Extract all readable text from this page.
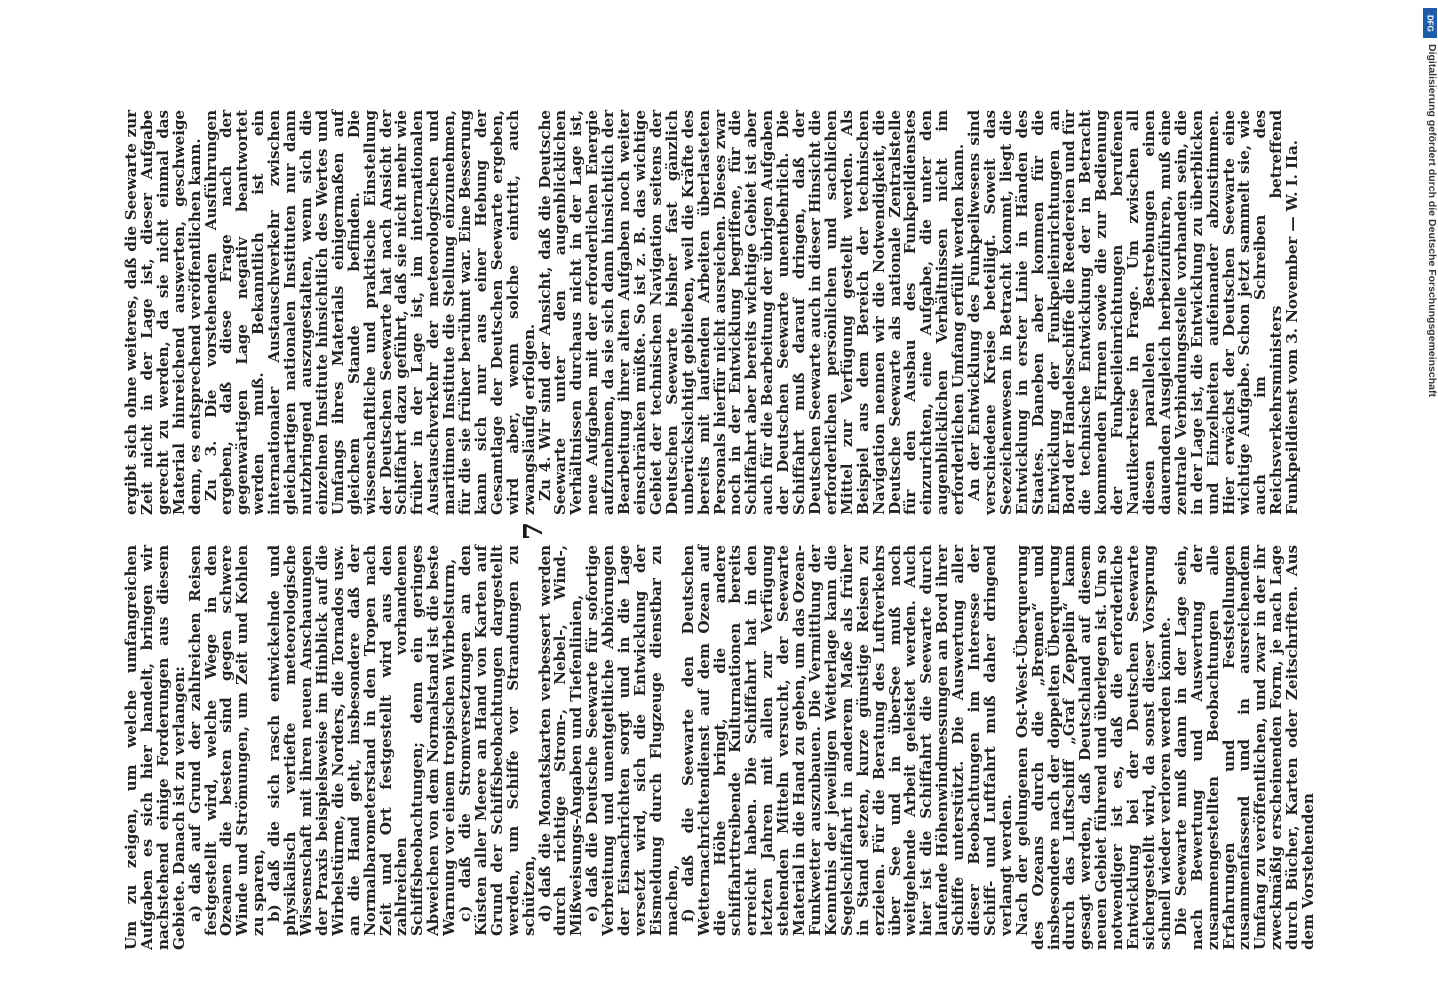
Um zu zeigen, um welche umfangreichen Aufgaben es sich hier handelt, bringen wir nachstehend einige Forderungen aus diesem Gebiete. Danach ist zu verlangen:

a) daß auf Grund der zahlreichen Reisen festgestellt wird, welche Wege in den Ozeanen die besten sind gegen schwere Winde und Strömungen, um Zeit und Kohlen zu sparen,

b) daß die sich rasch entwickelnde und physikalisch vertiefte meteorologische Wissenschaft mit ihren neuen Anschauungen der Praxis beispielsweise im Hinblick auf die Wirbelstürme, die Norders, die Tornados usw. an die Hand geht, insbesondere daß der Normalbarometerstand in den Tropen nach Zeit und Ort festgestellt wird aus den zahlreichen vorhandenen Schiffsbeobachtungen; denn ein geringes Abweichen von dem Normalstand ist die beste Warnung vor einem tropischen Wirbelsturm,

c) daß die Stromversetzungen an den Küsten aller Meere an Hand von Karten auf Grund der Schiffsbeobachtungen dargestellt werden, um Schiffe vor Strandungen zu schützen,

d) daß die Monatskarten verbessert werden durch richtige Strom-, Nebel-, Wind-, Mißweisungs-Angaben und Tiefenlinien,

e) daß die Deutsche Seewarte für sofortige Verbreitung und unentgeltliche Abhörungen der Eisnachrichten sorgt und in die Lage versetzt wird, sich die Entwicklung der Eismeldung durch Flugzeuge dienstbar zu machen,

f) daß die Seewarte den Deutschen Wetternachrichtendienst auf dem Ozean auf die Höhe bringt, die andere schiffahrttreibende Kulturnationen bereits erreicht haben. Die Schiffahrt hat in den letzten Jahren mit allen zur Verfügung stehenden Mitteln versucht, der Seewarte Material in die Hand zu geben, um das Ozean-Funkwetter auszubauen. Die Vermittlung der Kenntnis der jeweiligen Wetterlage kann die Segelschiffahrt in anderem Maße als früher in Stand setzen, kurze günstige Reisen zu erzielen. Für die Beratung des Luftverkehrs über See und in überSee muß noch weitgehende Arbeit geleistet werden. Auch hier ist die Schiffahrt die Seewarte durch laufende Höhenwindmessungen an Bord ihrer Schiffe unterstützt. Die Auswertung aller dieser Beobachtungen im Interesse der Schiff- und Luftfahrt muß daher dringend verlangt werden.

Nach der gelungenen Ost-West-Überquerung des Ozeans durch die „Bremen“ und insbesondere nach der doppelten Überquerung durch das Luftschiff „Graf Zeppelin“ kann gesagt werden, daß Deutschland auf diesem neuen Gebiet führend und überlegen ist. Um so notwendiger ist es, daß die erforderliche Entwicklung bei der Deutschen Seewarte sichergestellt wird, da sonst dieser Vorsprung schnell wieder verloren werden könnte.

Die Seewarte muß dann in der Lage sein, nach Bewertung und Auswertung der zusammengestellten Beobachtungen alle Erfahrungen und Feststellungen zusammenfassend und in ausreichendem Umfang zu veröffentlichen, und zwar in der ihr zweckmäßig erscheinenden Form, je nach Lage durch Bücher, Karten oder Zeitschriften. Aus dem Vorstehenden

7

ergibt sich ohne weiteres, daß die Seewarte zur Zeit nicht in der Lage ist, dieser Aufgabe gerecht zu werden, da sie nicht einmal das Material hinreichend auswerten, geschweige denn, es entsprechend veröffentlichen kann.

Zu 3. Die vorstehenden Ausführungen ergeben, daß diese Frage nach der gegenwärtigen Lage negativ beantwortet werden muß. Bekanntlich ist ein internationaler Austauschverkehr zwischen gleichartigen nationalen Instituten nur dann nutzbringend auszugestalten, wenn sich die einzelnen Institute hinsichtlich des Wertes und Umfangs ihres Materials einigermaßen auf gleichem Stande befinden. Die wissenschaftliche und praktische Einstellung der Deutschen Seewarte hat nach Ansicht der Schiffahrt dazu geführt, daß sie nicht mehr wie früher in der Lage ist, im internationalen Austauschverkehr der meteorologischen und maritimen Institute die Stellung einzunehmen, für die sie früher berühmt war. Eine Besserung kann sich nur aus einer Hebung der Gesamtlage der Deutschen Seewarte ergeben, wird aber, wenn solche eintritt, auch zwangsläufig erfolgen.

Zu 4. Wir sind der Ansicht, daß die Deutsche Seewarte unter den augenblicklichen Verhältnissen durchaus nicht in der Lage ist, neue Aufgaben mit der erforderlichen Energie aufzunehmen, da sie sich dann hinsichtlich der Bearbeitung ihrer alten Aufgaben noch weiter einschränken müßte. So ist z. B. das wichtige Gebiet der technischen Navigation seitens der Deutschen Seewarte bisher fast gänzlich unberücksichtigt geblieben, weil die Kräfte des bereits mit laufenden Arbeiten überlasteten Personals hierfür nicht ausreichen. Dieses zwar noch in der Entwicklung begriffene, für die Schiffahrt aber bereits wichtige Gebiet ist aber auch für die Bearbeitung der übrigen Aufgaben der Deutschen Seewarte unentbehrlich. Die Schiffahrt muß darauf dringen, daß der Deutschen Seewarte auch in dieser Hinsicht die erforderlichen persönlichen und sachlichen Mittel zur Verfügung gestellt werden. Als Beispiel aus dem Bereich der technischen Navigation nennen wir die Notwendigkeit, die Deutsche Seewarte als nationale Zentralstelle für den Ausbau des Funkpeildienstes einzurichten, eine Aufgabe, die unter den augenblicklichen Verhältnissen nicht im erforderlichen Umfang erfüllt werden kann.

An der Entwicklung des Funkpeilwesens sind verschiedene Kreise beteiligt. Soweit das Seezeichenwesen in Betracht kommt, liegt die Entwicklung in erster Linie in Händen des Staates. Daneben aber kommen für die Entwicklung der Funkpeileinrichtungen an Bord der Handelsschiffe die Reedereien und für die technische Entwicklung der in Betracht kommenden Firmen sowie die zur Bedienung der Funkpeileinrichtungen berufenen Nautikerkreise in Frage. Um zwischen all diesen parallelen Bestrebungen einen dauernden Ausgleich herbeizuführen, muß eine zentrale Verbindungsstelle vorhanden sein, die in der Lage ist, die Entwicklung zu überblicken und Einzelheiten aufeinander abzustimmen. Hier erwächst der Deutschen Seewarte eine wichtige Aufgabe. Schon jetzt sammelt sie, wie auch im Schreiben des Reichsverkehrsministers betreffend Funkpeildienst vom 3. November — W. I. IIa.

DFG
Digitalisierung gefördert durch die Deutsche Forschungsgemeinschaft
